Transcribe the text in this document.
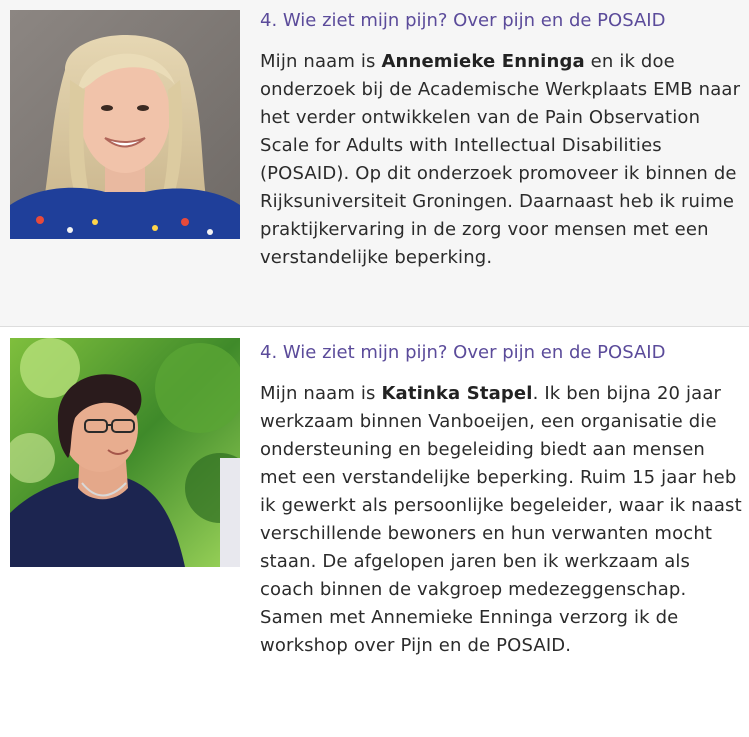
4. Wie ziet mijn pijn? Over pijn en de POSAID

Mijn naam is Annemieke Enninga en ik doe onderzoek bij de Academische Werkplaats EMB naar het verder ontwikkelen van de Pain Observation Scale for Adults with Intellectual Disabilities (POSAID). Op dit onderzoek promoveer ik binnen de Rijksuniversiteit Groningen. Daarnaast heb ik ruime praktijkervaring in de zorg voor mensen met een verstandelijke beperking.

4. Wie ziet mijn pijn? Over pijn en de POSAID

Mijn naam is Katinka Stapel. Ik ben bijna 20 jaar werkzaam binnen Vanboeijen, een organisatie die ondersteuning en begeleiding biedt aan mensen met een verstandelijke beperking. Ruim 15 jaar heb ik gewerkt als persoonlijke begeleider, waar ik naast verschillende bewoners en hun verwanten mocht staan. De afgelopen jaren ben ik werkzaam als coach binnen de vakgroep medezeggenschap. Samen met Annemieke Enninga verzorg ik de workshop over Pijn en de POSAID.
